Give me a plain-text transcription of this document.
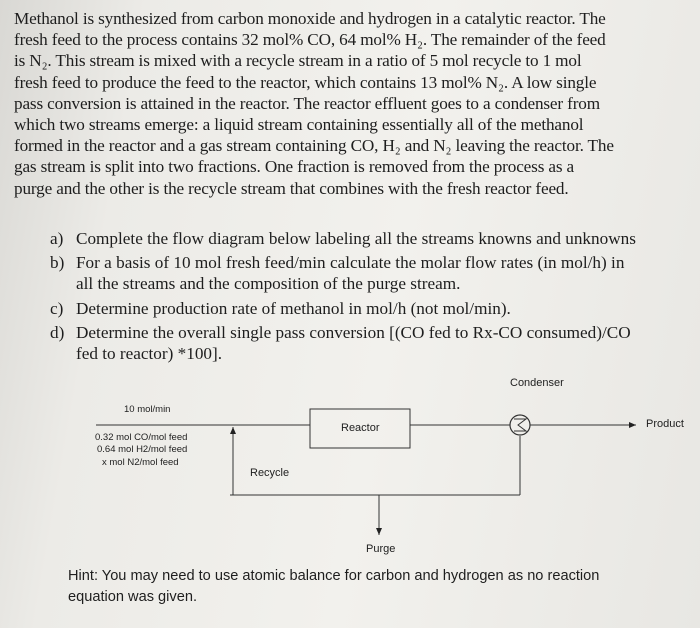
Methanol is synthesized from carbon monoxide and hydrogen in a catalytic reactor. The
fresh feed to the process contains 32 mol% CO, 64 mol% H₂. The remainder of the feed
is N₂. This stream is mixed with a recycle stream in a ratio of 5 mol recycle to 1 mol
fresh feed to produce the feed to the reactor, which contains 13 mol% N₂. A low single
pass conversion is attained in the reactor. The reactor effluent goes to a condenser from
which two streams emerge: a liquid stream containing essentially all of the methanol
formed in the reactor and a gas stream containing CO, H₂ and N₂ leaving the reactor. The
gas stream is split into two fractions. One fraction is removed from the process as a
purge and the other is the recycle stream that combines with the fresh reactor feed.
a) Complete the flow diagram below labeling all the streams knowns and unknowns
b) For a basis of 10 mol fresh feed/min calculate the molar flow rates (in mol/h) in
all the streams and the composition of the purge stream.
c) Determine production rate of methanol in mol/h (not mol/min).
d) Determine the overall single pass conversion [(CO fed to Rx-CO consumed)/CO
fed to reactor) *100].
Condenser
10 mol/min
0.32 mol CO/mol feed
0.64 mol H2/mol feed
x mol N2/mol feed
Reactor	Product
Recycle
Purge
Hint: You may need to use atomic balance for carbon and hydrogen as no reaction
equation was given.
